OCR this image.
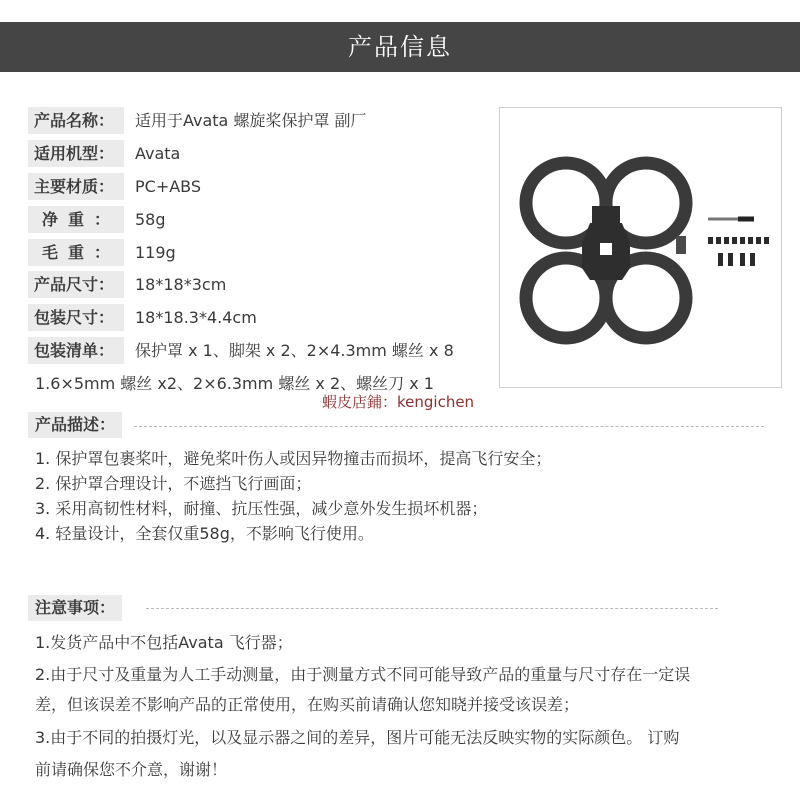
产品信息
产品名称：	适用于Avata 螺旋桨保护罩 副厂
适用机型：	Avata
主要材质：	PC+ABS
净重： 58g
毛重： 119g
产品尺寸：	18*18*3cm
包装尺寸：	18*18.3*4.4cm
包装清单：	保护罩 x 1、脚架 x 2、2×4.3mm 螺丝 x 8
1.6×5mm 螺丝 x2、2×6.3mm 螺丝 x 2、螺丝刀 x 1
蝦皮店鋪：kengichen
产品描述：
1. 保护罩包裹桨叶，避免桨叶伤人或因异物撞击而损坏，提高飞行安全；
2. 保护罩合理设计，不遮挡飞行画面；
3. 采用高韧性材料，耐撞、抗压性强，减少意外发生损坏机器；
4. 轻量设计，全套仅重58g，不影响飞行使用。
注意事项：
1.发货产品中不包括Avata 飞行器；
2.由于尺寸及重量为人工手动测量，由于测量方式不同可能导致产品的重量与尺寸存在一定误
差，但该误差不影响产品的正常使用，在购买前请确认您知晓并接受该误差；
3.由于不同的拍摄灯光，以及显示器之间的差异，图片可能无法反映实物的实际颜色。 订购
前请确保您不介意，谢谢！
